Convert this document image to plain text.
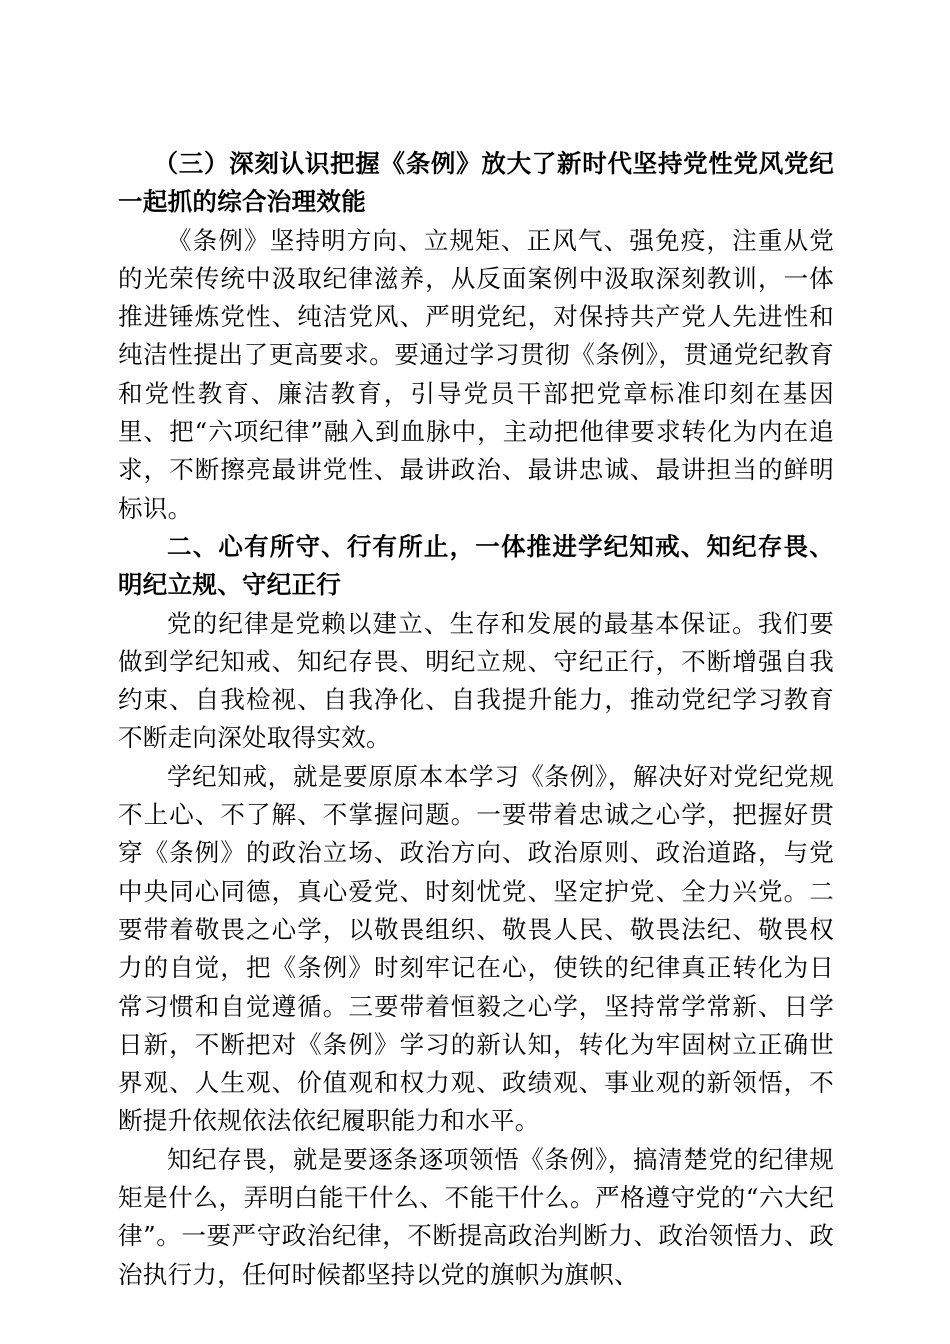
（三）深刻认识把握《条例》放大了新时代坚持党性党风党纪一起抓的综合治理效能

《条例》坚持明方向、立规矩、正风气、强免疫，注重从党的光荣传统中汲取纪律滋养，从反面案例中汲取深刻教训，一体推进锤炼党性、纯洁党风、严明党纪，对保持共产党人先进性和纯洁性提出了更高要求。要通过学习贯彻《条例》，贯通党纪教育和党性教育、廉洁教育，引导党员干部把党章标准印刻在基因里、把“六项纪律”融入到血脉中，主动把他律要求转化为内在追求，不断擦亮最讲党性、最讲政治、最讲忠诚、最讲担当的鲜明标识。

二、心有所守、行有所止，一体推进学纪知戒、知纪存畏、明纪立规、守纪正行

党的纪律是党赖以建立、生存和发展的最基本保证。我们要做到学纪知戒、知纪存畏、明纪立规、守纪正行，不断增强自我约束、自我检视、自我净化、自我提升能力，推动党纪学习教育不断走向深处取得实效。

学纪知戒，就是要原原本本学习《条例》，解决好对党纪党规不上心、不了解、不掌握问题。一要带着忠诚之心学，把握好贯穿《条例》的政治立场、政治方向、政治原则、政治道路，与党中央同心同德，真心爱党、时刻忧党、坚定护党、全力兴党。二要带着敬畏之心学，以敬畏组织、敬畏人民、敬畏法纪、敬畏权力的自觉，把《条例》时刻牢记在心，使铁的纪律真正转化为日常习惯和自觉遵循。三要带着恒毅之心学，坚持常学常新、日学日新，不断把对《条例》学习的新认知，转化为牢固树立正确世界观、人生观、价值观和权力观、政绩观、事业观的新领悟，不断提升依规依法依纪履职能力和水平。

知纪存畏，就是要逐条逐项领悟《条例》，搞清楚党的纪律规矩是什么，弄明白能干什么、不能干什么。严格遵守党的“六大纪律”。一要严守政治纪律，不断提高政治判断力、政治领悟力、政治执行力，任何时候都坚持以党的旗帜为旗帜、
